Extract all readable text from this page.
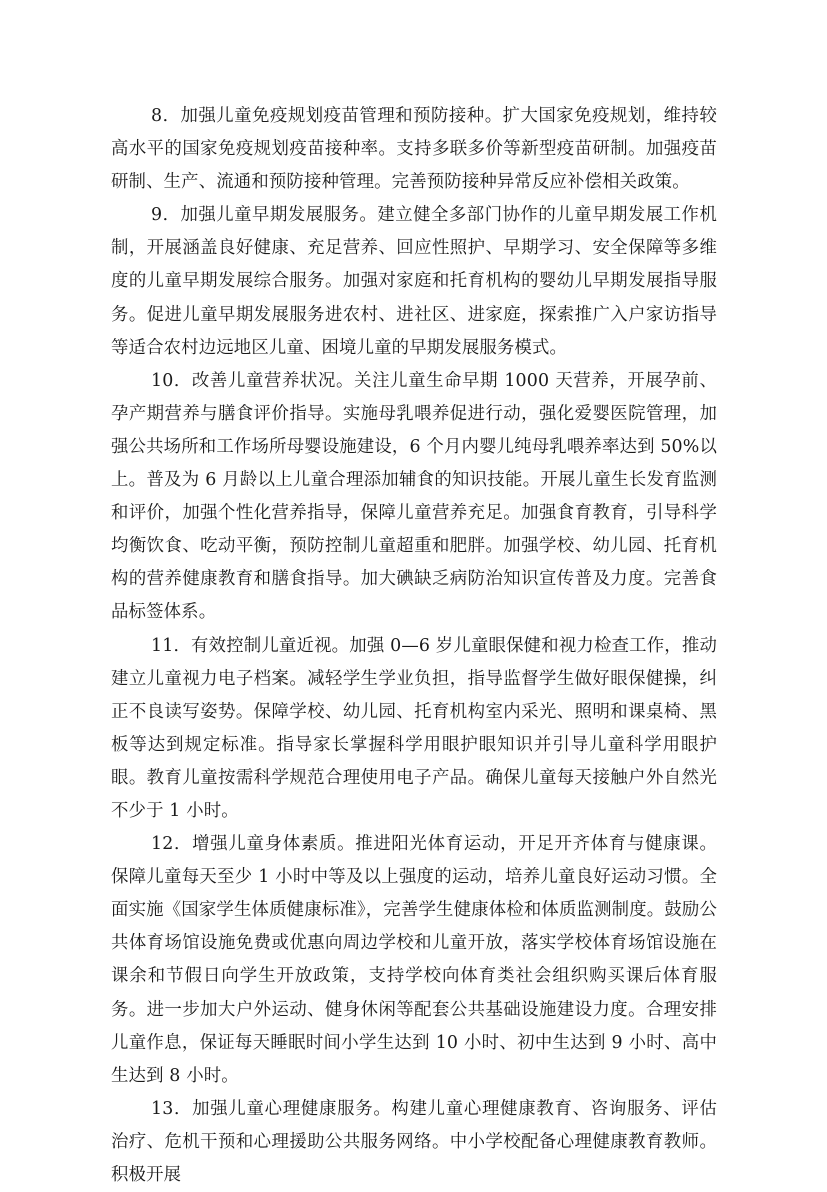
8．加强儿童免疫规划疫苗管理和预防接种。扩大国家免疫规划，维持较高水平的国家免疫规划疫苗接种率。支持多联多价等新型疫苗研制。加强疫苗研制、生产、流通和预防接种管理。完善预防接种异常反应补偿相关政策。

9．加强儿童早期发展服务。建立健全多部门协作的儿童早期发展工作机制，开展涵盖良好健康、充足营养、回应性照护、早期学习、安全保障等多维度的儿童早期发展综合服务。加强对家庭和托育机构的婴幼儿早期发展指导服务。促进儿童早期发展服务进农村、进社区、进家庭，探索推广入户家访指导等适合农村边远地区儿童、困境儿童的早期发展服务模式。

10．改善儿童营养状况。关注儿童生命早期 1000 天营养，开展孕前、孕产期营养与膳食评价指导。实施母乳喂养促进行动，强化爱婴医院管理，加强公共场所和工作场所母婴设施建设，6 个月内婴儿纯母乳喂养率达到 50%以上。普及为 6 月龄以上儿童合理添加辅食的知识技能。开展儿童生长发育监测和评价，加强个性化营养指导，保障儿童营养充足。加强食育教育，引导科学均衡饮食、吃动平衡，预防控制儿童超重和肥胖。加强学校、幼儿园、托育机构的营养健康教育和膳食指导。加大碘缺乏病防治知识宣传普及力度。完善食品标签体系。

11．有效控制儿童近视。加强 0—6 岁儿童眼保健和视力检查工作，推动建立儿童视力电子档案。减轻学生学业负担，指导监督学生做好眼保健操，纠正不良读写姿势。保障学校、幼儿园、托育机构室内采光、照明和课桌椅、黑板等达到规定标准。指导家长掌握科学用眼护眼知识并引导儿童科学用眼护眼。教育儿童按需科学规范合理使用电子产品。确保儿童每天接触户外自然光不少于 1 小时。

12．增强儿童身体素质。推进阳光体育运动，开足开齐体育与健康课。保障儿童每天至少 1 小时中等及以上强度的运动，培养儿童良好运动习惯。全面实施《国家学生体质健康标准》，完善学生健康体检和体质监测制度。鼓励公共体育场馆设施免费或优惠向周边学校和儿童开放，落实学校体育场馆设施在课余和节假日向学生开放政策，支持学校向体育类社会组织购买课后体育服务。进一步加大户外运动、健身休闲等配套公共基础设施建设力度。合理安排儿童作息，保证每天睡眠时间小学生达到 10 小时、初中生达到 9 小时、高中生达到 8 小时。

13．加强儿童心理健康服务。构建儿童心理健康教育、咨询服务、评估治疗、危机干预和心理援助公共服务网络。中小学校配备心理健康教育教师。积极开展
